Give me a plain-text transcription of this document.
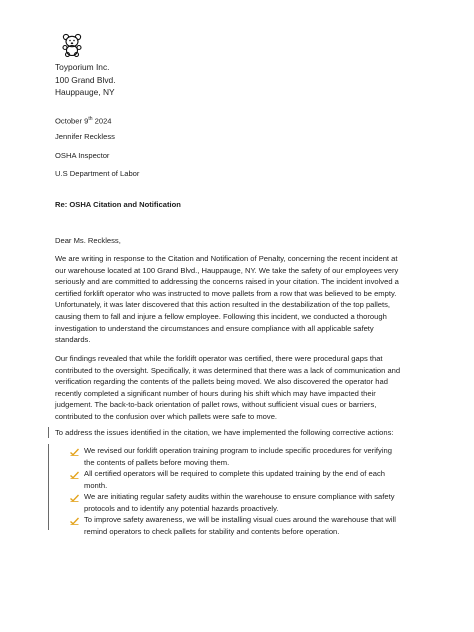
Toyporium Inc.
100 Grand Blvd.
Hauppauge, NY
October 9th 2024
Jennifer Reckless
OSHA Inspector
U.S Department of Labor
Re: OSHA Citation and Notification
Dear Ms. Reckless,
We are writing in response to the Citation and Notification of Penalty, concerning the recent incident at
our warehouse located at 100 Grand Blvd., Hauppauge, NY. We take the safety of our employees very
seriously and are committed to addressing the concerns raised in your citation. The incident involved a
certified forklift operator who was instructed to move pallets from a row that was believed to be empty.
Unfortunately, it was later discovered that this action resulted in the destabilization of the top pallets,
causing them to fall and injure a fellow employee. Following this incident, we conducted a thorough
investigation to understand the circumstances and ensure compliance with all applicable safety
standards.
Our findings revealed that while the forklift operator was certified, there were procedural gaps that
contributed to the oversight. Specifically, it was determined that there was a lack of communication and
verification regarding the contents of the pallets being moved. We also discovered the operator had
recently completed a significant number of hours during his shift which may have impacted their
judgement. The back-to-back orientation of pallet rows, without sufficient visual cues or barriers,
contributed to the confusion over which pallets were safe to move.
To address the issues identified in the citation, we have implemented the following corrective actions:
We revised our forklift operation training program to include specific procedures for verifying
the contents of pallets before moving them.
All certified operators will be required to complete this updated training by the end of each
month.
We are initiating regular safety audits within the warehouse to ensure compliance with safety
protocols and to identify any potential hazards proactively.
To improve safety awareness, we will be installing visual cues around the warehouse that will
remind operators to check pallets for stability and contents before operation.
